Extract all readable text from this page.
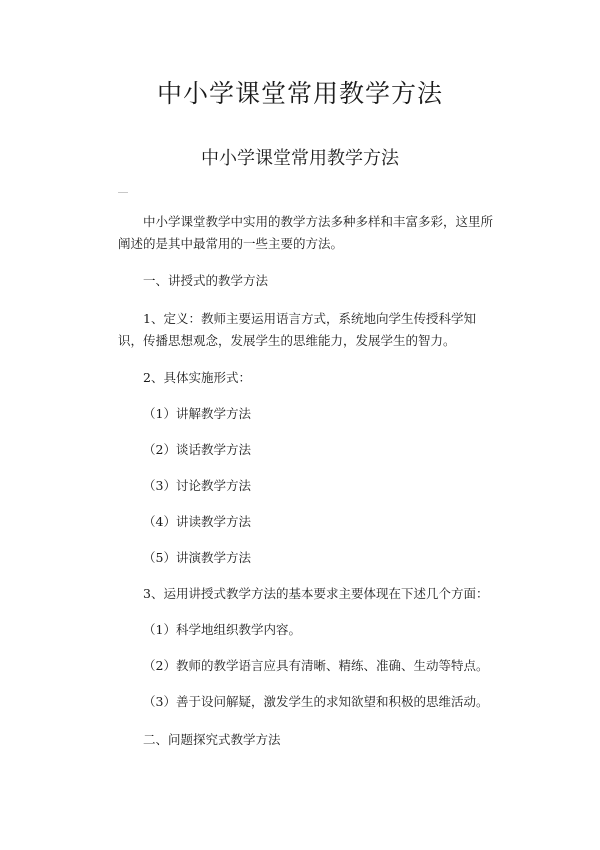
中小学课堂常用教学方法
中小学课堂常用教学方法

中小学课堂教学中实用的教学方法多种多样和丰富多彩，这里所阐述的是其中最常用的一些主要的方法。

一、讲授式的教学方法

1、定义：教师主要运用语言方式，系统地向学生传授科学知识，传播思想观念，发展学生的思维能力，发展学生的智力。

2、具体实施形式：

（1）讲解教学方法

（2）谈话教学方法

（3）讨论教学方法

（4）讲读教学方法

（5）讲演教学方法

3、运用讲授式教学方法的基本要求主要体现在下述几个方面：

（1）科学地组织教学内容。

（2）教师的教学语言应具有清晰、精练、准确、生动等特点。

（3）善于设问解疑，激发学生的求知欲望和积极的思维活动。

二、问题探究式教学方法
